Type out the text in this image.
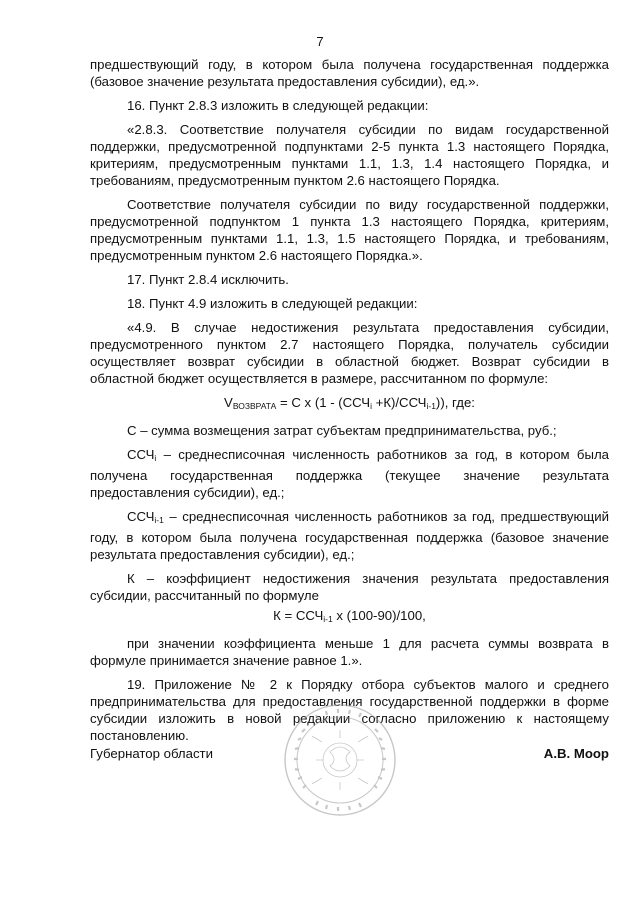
7

предшествующий году, в котором была получена государственная поддержка (базовое значение результата предоставления субсидии), ед.».

16. Пункт 2.8.3 изложить в следующей редакции:

«2.8.3. Соответствие получателя субсидии по видам государственной поддержки, предусмотренной подпунктами 2-5 пункта 1.3 настоящего Порядка, критериям, предусмотренным пунктами 1.1, 1.3, 1.4 настоящего Порядка, и требованиям, предусмотренным пунктом 2.6 настоящего Порядка.

Соответствие получателя субсидии по виду государственной поддержки, предусмотренной подпунктом 1 пункта 1.3 настоящего Порядка, критериям, предусмотренным пунктами 1.1, 1.3, 1.5 настоящего Порядка, и требованиям, предусмотренным пунктом 2.6 настоящего Порядка.».

17. Пункт 2.8.4 исключить.

18. Пункт 4.9 изложить в следующей редакции:

«4.9. В случае недостижения результата предоставления субсидии, предусмотренного пунктом 2.7 настоящего Порядка, получатель субсидии осуществляет возврат субсидии в областной бюджет. Возврат субсидии в областной бюджет осуществляется в размере, рассчитанном по формуле:

$V_{ВОЗВРАТА} = С$ х $(1 - (ССЧ_i +К)/ССЧ_{i-1})$), где:

С – сумма возмещения затрат субъектам предпринимательства, руб.;

$ССЧ_i$ – среднесписочная численность работников за год, в котором была получена государственная поддержка (текущее значение результата предоставления субсидии), ед.;

$ССЧ_{i-1}$ – среднесписочная численность работников за год, предшествующий году, в котором была получена государственная поддержка (базовое значение результата предоставления субсидии), ед.;

К – коэффициент недостижения значения результата предоставления субсидии, рассчитанный по формуле

$К = ССЧ_{i-1}$ х (100-90)/100,

при значении коэффициента меньше 1 для расчета суммы возврата в формуле принимается значение равное 1.».

19. Приложение № 2 к Порядку отбора субъектов малого и среднего предпринимательства для предоставления государственной поддержки в форме субсидии изложить в новой редакции согласно приложению к настоящему постановлению.

Губернатор области	А.В. Моор
